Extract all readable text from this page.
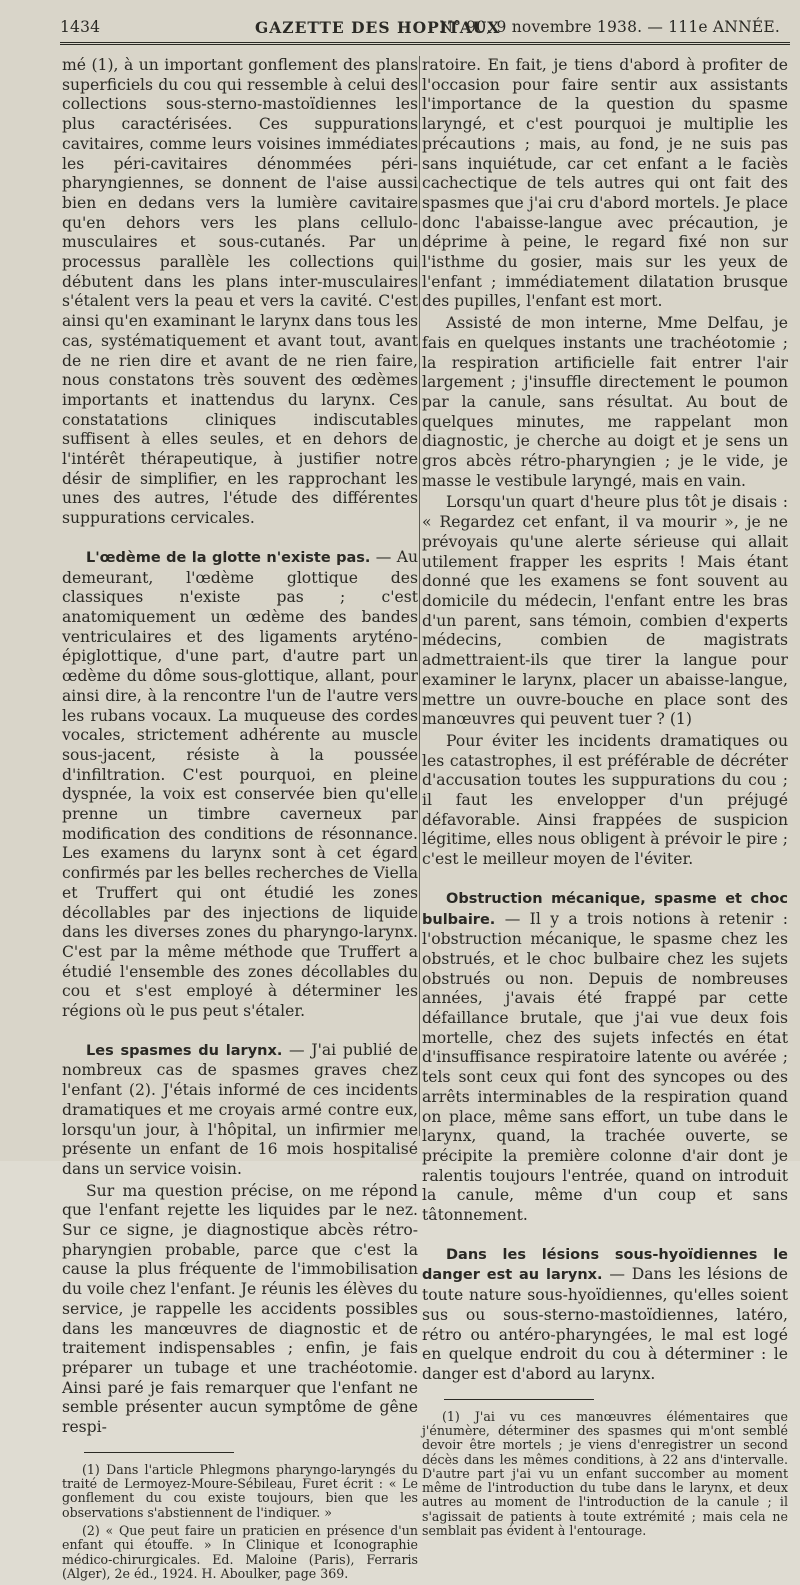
1434	GAZETTE DES HOPITAUX
N° 90, 9 novembre 1938. — 111e ANNÉE.

mé (1), à un important gonflement des plans superficiels du cou qui ressemble à celui des collections sous-sterno-mastoïdiennes les plus caractérisées. Ces suppurations cavitaires, comme leurs voisines immédiates les péri-cavitaires dénommées péri-pharyngiennes, se donnent de l'aise aussi bien en dedans vers la lumière cavitaire qu'en dehors vers les plans cellulo-musculaires et sous-cutanés. Par un processus parallèle les collections qui débutent dans les plans inter-musculaires s'étalent vers la peau et vers la cavité. C'est ainsi qu'en examinant le larynx dans tous les cas, systématiquement et avant tout, avant de ne rien dire et avant de ne rien faire, nous constatons très souvent des œdèmes importants et inattendus du larynx. Ces constatations cliniques indiscutables suffisent à elles seules, et en dehors de l'intérêt thérapeutique, à justifier notre désir de simplifier, en les rapprochant les unes des autres, l'étude des différentes suppurations cervicales.

L'œdème de la glotte n'existe pas. — Au demeurant, l'œdème glottique des classiques n'existe pas ; c'est anatomiquement un œdème des bandes ventriculaires et des ligaments aryténo-épiglottique, d'une part, d'autre part un œdème du dôme sous-glottique, allant, pour ainsi dire, à la rencontre l'un de l'autre vers les rubans vocaux. La muqueuse des cordes vocales, strictement adhérente au muscle sous-jacent, résiste à la poussée d'infiltration. C'est pourquoi, en pleine dyspnée, la voix est conservée bien qu'elle prenne un timbre caverneux par modification des conditions de résonnance. Les examens du larynx sont à cet égard confirmés par les belles recherches de Viella et Truffert qui ont étudié les zones décollables par des injections de liquide dans les diverses zones du pharyngo-larynx. C'est par la même méthode que Truffert a étudié l'ensemble des zones décollables du cou et s'est employé à déterminer les régions où le pus peut s'étaler.

Les spasmes du larynx. — J'ai publié de nombreux cas de spasmes graves chez l'enfant (2). J'étais informé de ces incidents dramatiques et me croyais armé contre eux, lorsqu'un jour, à l'hôpital, un infirmier me présente un enfant de 16 mois hospitalisé dans un service voisin.

Sur ma question précise, on me répond que l'enfant rejette les liquides par le nez. Sur ce signe, je diagnostique abcès rétro-pharyngien probable, parce que c'est la cause la plus fréquente de l'immobilisation du voile chez l'enfant. Je réunis les élèves du service, je rappelle les accidents possibles dans les manœuvres de diagnostic et de traitement indispensables ; enfin, je fais préparer un tubage et une trachéotomie. Ainsi paré je fais remarquer que l'enfant ne semble présenter aucun symptôme de gêne respi-

(1) Dans l'article Phlegmons pharyngo-laryngés du traité de Lermoyez-Moure-Sébileau, Furet écrit : « Le gonflement du cou existe toujours, bien que les observations s'abstiennent de l'indiquer. »

(2) « Que peut faire un praticien en présence d'un enfant qui étouffe. » In Clinique et Iconographie médico-chirurgicales. Ed. Maloine (Paris), Ferraris (Alger), 2e éd., 1924. H. Aboulker, page 369.

ratoire. En fait, je tiens d'abord à profiter de l'occasion pour faire sentir aux assistants l'importance de la question du spasme laryngé, et c'est pourquoi je multiplie les précautions ; mais, au fond, je ne suis pas sans inquiétude, car cet enfant a le faciès cachectique de tels autres qui ont fait des spasmes que j'ai cru d'abord mortels. Je place donc l'abaisse-langue avec précaution, je déprime à peine, le regard fixé non sur l'isthme du gosier, mais sur les yeux de l'enfant ; immédiatement dilatation brusque des pupilles, l'enfant est mort.

Assisté de mon interne, Mme Delfau, je fais en quelques instants une trachéotomie ; la respiration artificielle fait entrer l'air largement ; j'insuffle directement le poumon par la canule, sans résultat. Au bout de quelques minutes, me rappelant mon diagnostic, je cherche au doigt et je sens un gros abcès rétro-pharyngien ; je le vide, je masse le vestibule laryngé, mais en vain.

Lorsqu'un quart d'heure plus tôt je disais : « Regardez cet enfant, il va mourir », je ne prévoyais qu'une alerte sérieuse qui allait utilement frapper les esprits ! Mais étant donné que les examens se font souvent au domicile du médecin, l'enfant entre les bras d'un parent, sans témoin, combien d'experts médecins, combien de magistrats admettraient-ils que tirer la langue pour examiner le larynx, placer un abaisse-langue, mettre un ouvre-bouche en place sont des manœuvres qui peuvent tuer ? (1)

Pour éviter les incidents dramatiques ou les catastrophes, il est préférable de décréter d'accusation toutes les suppurations du cou ; il faut les envelopper d'un préjugé défavorable. Ainsi frappées de suspicion légitime, elles nous obligent à prévoir le pire ; c'est le meilleur moyen de l'éviter.

Obstruction mécanique, spasme et choc bulbaire. — Il y a trois notions à retenir : l'obstruction mécanique, le spasme chez les obstrués, et le choc bulbaire chez les sujets obstrués ou non. Depuis de nombreuses années, j'avais été frappé par cette défaillance brutale, que j'ai vue deux fois mortelle, chez des sujets infectés en état d'insuffisance respiratoire latente ou avérée ; tels sont ceux qui font des syncopes ou des arrêts interminables de la respiration quand on place, même sans effort, un tube dans le larynx, quand, la trachée ouverte, se précipite la première colonne d'air dont je ralentis toujours l'entrée, quand on introduit la canule, même d'un coup et sans tâtonnement.

Dans les lésions sous-hyoïdiennes le danger est au larynx. — Dans les lésions de toute nature sous-hyoïdiennes, qu'elles soient sus ou sous-sterno-mastoïdiennes, latéro, rétro ou antéro-pharyngées, le mal est logé en quelque endroit du cou à déterminer : le danger est d'abord au larynx.

(1) J'ai vu ces manœuvres élémentaires que j'énumère, déterminer des spasmes qui m'ont semblé devoir être mortels ; je viens d'enregistrer un second décès dans les mêmes conditions, à 22 ans d'intervalle. D'autre part j'ai vu un enfant succomber au moment même de l'introduction du tube dans le larynx, et deux autres au moment de l'introduction de la canule ; il s'agissait de patients à toute extrémité ; mais cela ne semblait pas évident à l'entourage.
